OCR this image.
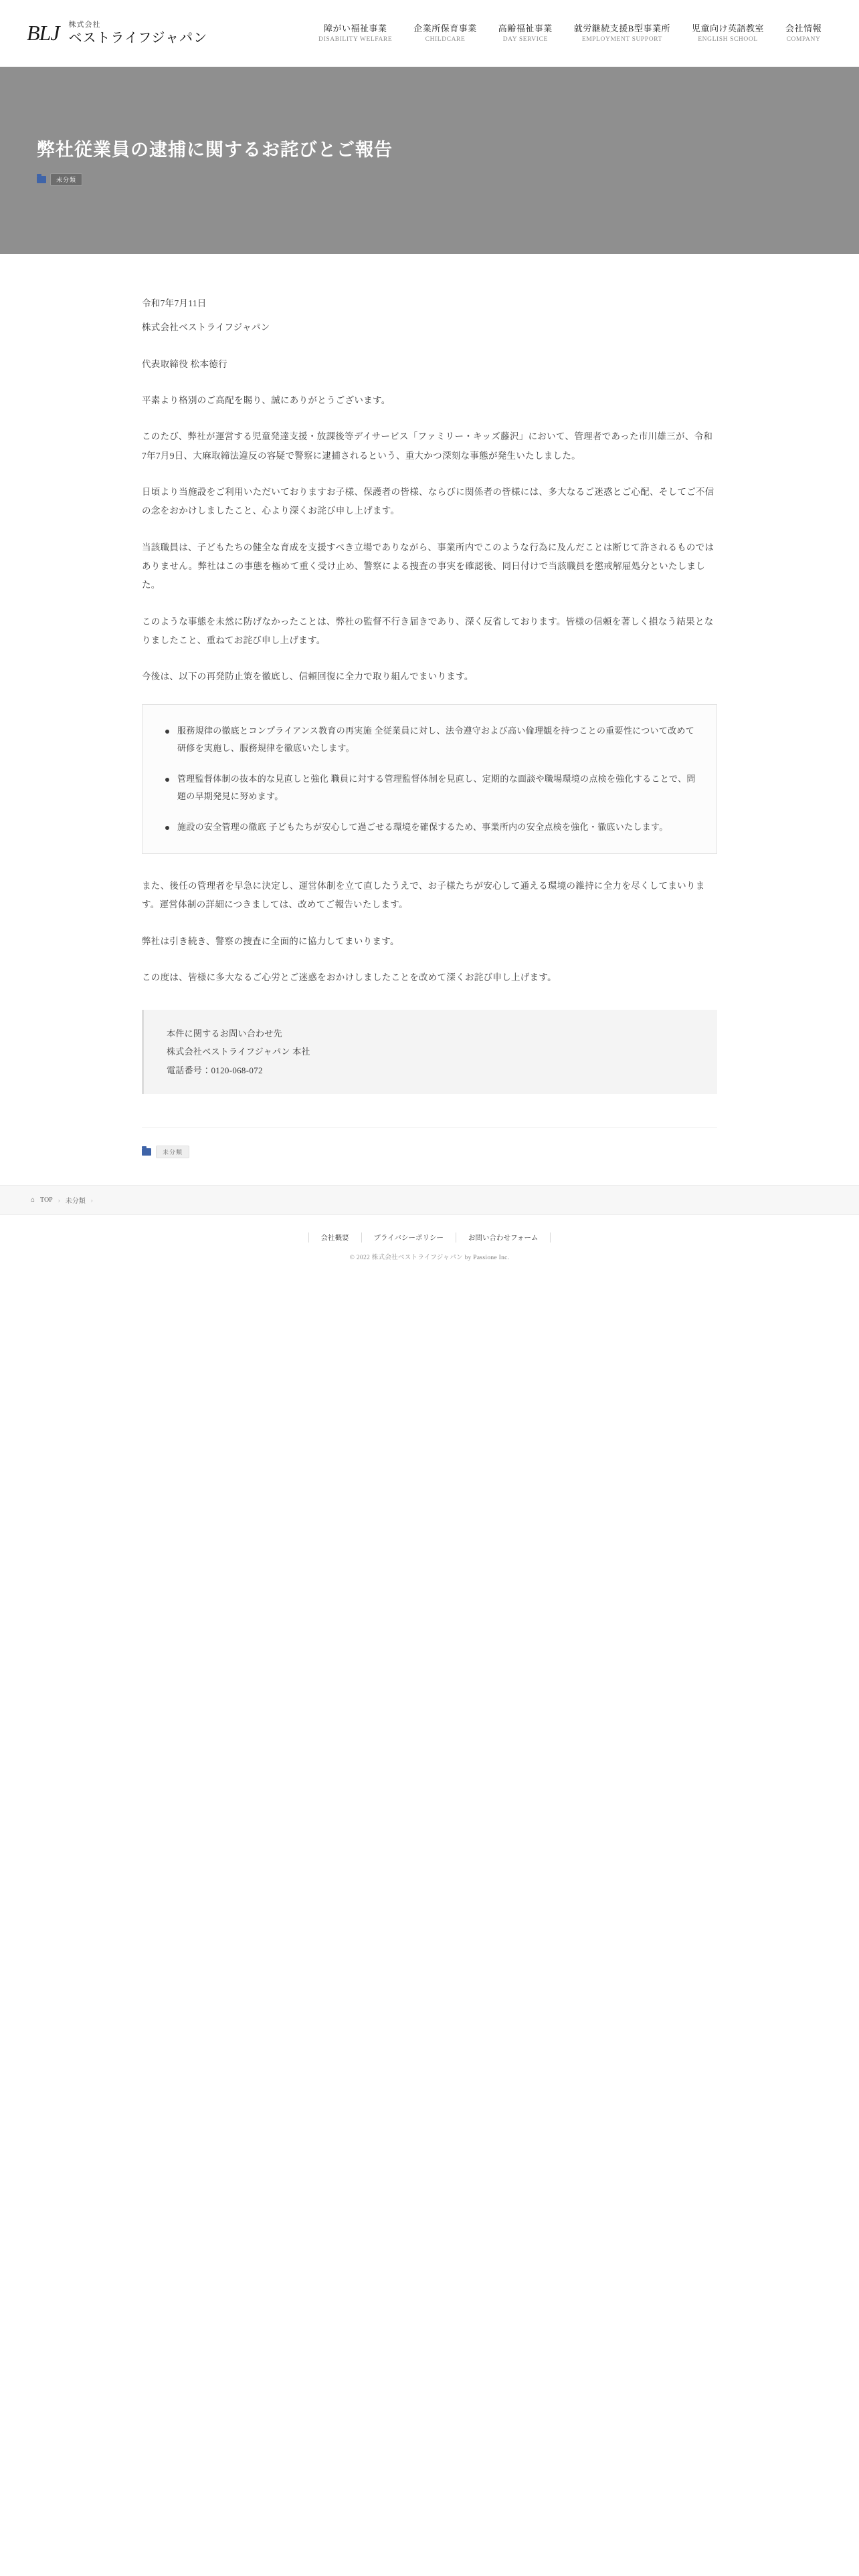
BLJ	株式会社
ベストライフジャパン
障がい福祉事業
DISABILITY WELFARE
企業所保育事業
CHILDCARE
高齢福祉事業
DAY SERVICE
就労継続支援B型事業所
EMPLOYMENT SUPPORT
児童向け英語教室
ENGLISH SCHOOL
会社情報
COMPANY
弊社従業員の逮捕に関するお詫びとご報告
未分類

令和7年7月11日

株式会社ベストライフジャパン

代表取締役 松本徳行

平素より格別のご高配を賜り、誠にありがとうございます。

このたび、弊社が運営する児童発達支援・放課後等デイサービス「ファミリー・キッズ藤沢」において、管理者であった市川雄三が、令和7年7月9日、大麻取締法違反の容疑で警察に逮捕されるという、重大かつ深刻な事態が発生いたしました。

日頃より当施設をご利用いただいておりますお子様、保護者の皆様、ならびに関係者の皆様には、多大なるご迷惑とご心配、そしてご不信の念をおかけしましたこと、心より深くお詫び申し上げます。

当該職員は、子どもたちの健全な育成を支援すべき立場でありながら、事業所内でこのような行為に及んだことは断じて許されるものではありません。弊社はこの事態を極めて重く受け止め、警察による捜査の事実を確認後、同日付けで当該職員を懲戒解雇処分といたしました。

このような事態を未然に防げなかったことは、弊社の監督不行き届きであり、深く反省しております。皆様の信頼を著しく損なう結果となりましたこと、重ねてお詫び申し上げます。

今後は、以下の再発防止策を徹底し、信頼回復に全力で取り組んでまいります。

服務規律の徹底とコンプライアンス教育の再実施 全従業員に対し、法令遵守および高い倫理観を持つことの重要性について改めて研修を実施し、服務規律を徹底いたします。
管理監督体制の抜本的な見直しと強化 職員に対する管理監督体制を見直し、定期的な面談や職場環境の点検を強化することで、問題の早期発見に努めます。
施設の安全管理の徹底 子どもたちが安心して過ごせる環境を確保するため、事業所内の安全点検を強化・徹底いたします。

また、後任の管理者を早急に決定し、運営体制を立て直したうえで、お子様たちが安心して通える環境の維持に全力を尽くしてまいります。運営体制の詳細につきましては、改めてご報告いたします。

弊社は引き続き、警察の捜査に全面的に協力してまいります。

この度は、皆様に多大なるご心労とご迷惑をおかけしましたことを改めて深くお詫び申し上げます。

本件に関するお問い合わせ先
株式会社ベストライフジャパン 本社
電話番号：0120-068-072
未分類
⌂ TOP › 未分類 ›
会社概要	プライバシーポリシー	お問い合わせフォーム
© 2022 株式会社ベストライフジャパン by Passione Inc.
